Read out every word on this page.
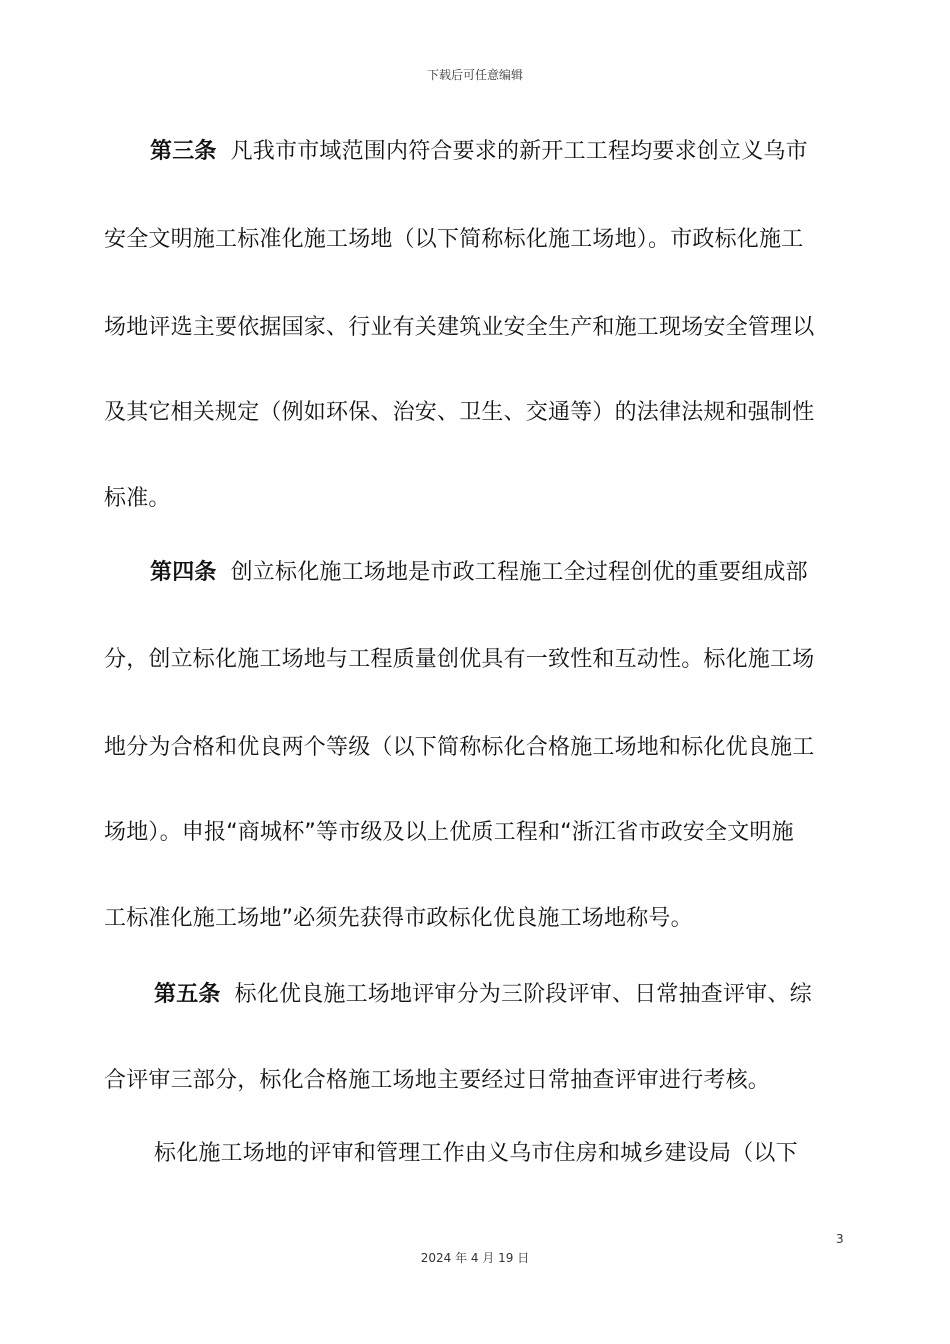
下载后可任意编辑
第三条 凡我市市域范围内符合要求的新开工工程均要求创立义乌市
安全文明施工标准化施工场地（以下简称标化施工场地）。市政标化施工
场地评选主要依据国家、行业有关建筑业安全生产和施工现场安全管理以
及其它相关规定（例如环保、治安、卫生、交通等）的法律法规和强制性
标准。
第四条 创立标化施工场地是市政工程施工全过程创优的重要组成部
分，创立标化施工场地与工程质量创优具有一致性和互动性。标化施工场
地分为合格和优良两个等级（以下简称标化合格施工场地和标化优良施工
场地）。申报“商城杯”等市级及以上优质工程和“浙江省市政安全文明施
工标准化施工场地”必须先获得市政标化优良施工场地称号。
第五条 标化优良施工场地评审分为三阶段评审、日常抽查评审、综
合评审三部分，标化合格施工场地主要经过日常抽查评审进行考核。
标化施工场地的评审和管理工作由义乌市住房和城乡建设局（以下
3
2024 年 4 月 19 日
